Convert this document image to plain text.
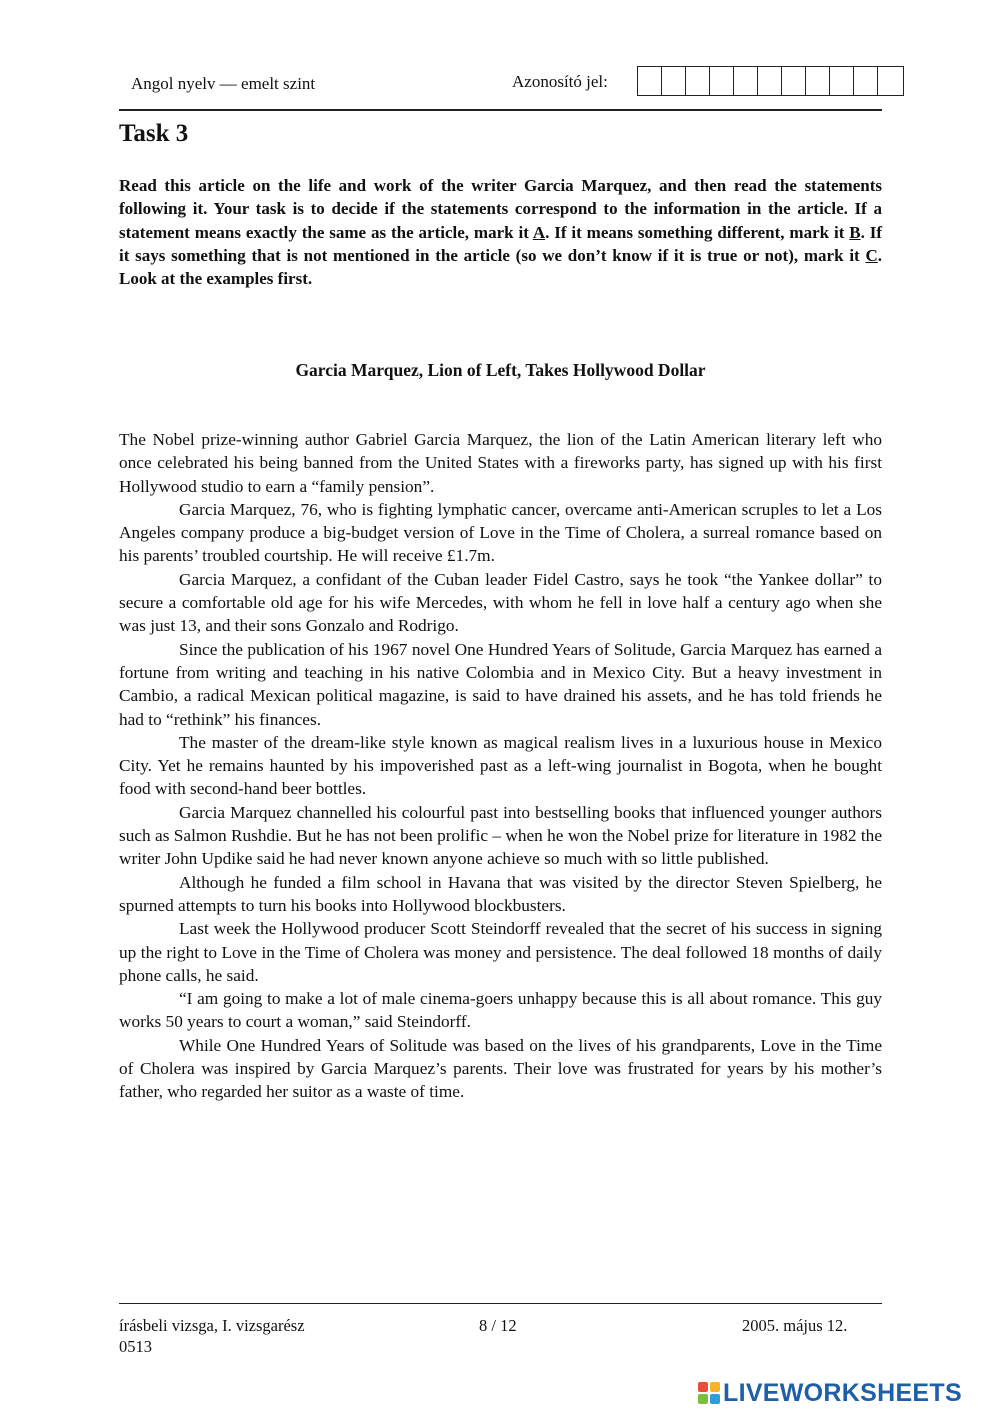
Angol nyelv — emelt szint	Azonosító jel:
Task 3
Read this article on the life and work of the writer Garcia Marquez, and then read the statements following it. Your task is to decide if the statements correspond to the information in the article. If a statement means exactly the same as the article, mark it A. If it means something different, mark it B. If it says something that is not mentioned in the article (so we don’t know if it is true or not), mark it C. Look at the examples first.
Garcia Marquez, Lion of Left, Takes Hollywood Dollar

The Nobel prize-winning author Gabriel Garcia Marquez, the lion of the Latin American literary left who once celebrated his being banned from the United States with a fireworks party, has signed up with his first Hollywood studio to earn a “family pension”.

Garcia Marquez, 76, who is fighting lymphatic cancer, overcame anti-American scruples to let a Los Angeles company produce a big-budget version of Love in the Time of Cholera, a surreal romance based on his parents’ troubled courtship. He will receive £1.7m.

Garcia Marquez, a confidant of the Cuban leader Fidel Castro, says he took “the Yankee dollar” to secure a comfortable old age for his wife Mercedes, with whom he fell in love half a century ago when she was just 13, and their sons Gonzalo and Rodrigo.

Since the publication of his 1967 novel One Hundred Years of Solitude, Garcia Marquez has earned a fortune from writing and teaching in his native Colombia and in Mexico City. But a heavy investment in Cambio, a radical Mexican political magazine, is said to have drained his assets, and he has told friends he had to “rethink” his finances.

The master of the dream-like style known as magical realism lives in a luxurious house in Mexico City. Yet he remains haunted by his impoverished past as a left-wing journalist in Bogota, when he bought food with second-hand beer bottles.

Garcia Marquez channelled his colourful past into bestselling books that influenced younger authors such as Salmon Rushdie. But he has not been prolific – when he won the Nobel prize for literature in 1982 the writer John Updike said he had never known anyone achieve so much with so little published.

Although he funded a film school in Havana that was visited by the director Steven Spielberg, he spurned attempts to turn his books into Hollywood blockbusters.

Last week the Hollywood producer Scott Steindorff revealed that the secret of his success in signing up the right to Love in the Time of Cholera was money and persistence. The deal followed 18 months of daily phone calls, he said.

“I am going to make a lot of male cinema-goers unhappy because this is all about romance. This guy works 50 years to court a woman,” said Steindorff.

While One Hundred Years of Solitude was based on the lives of his grandparents, Love in the Time of Cholera was inspired by Garcia Marquez’s parents. Their love was frustrated for years by his mother’s father, who regarded her suitor as a waste of time.

írásbeli vizsga, I. vizsgarész
0513
8 / 12	2005. május 12.
LIVEWORKSHEETS
